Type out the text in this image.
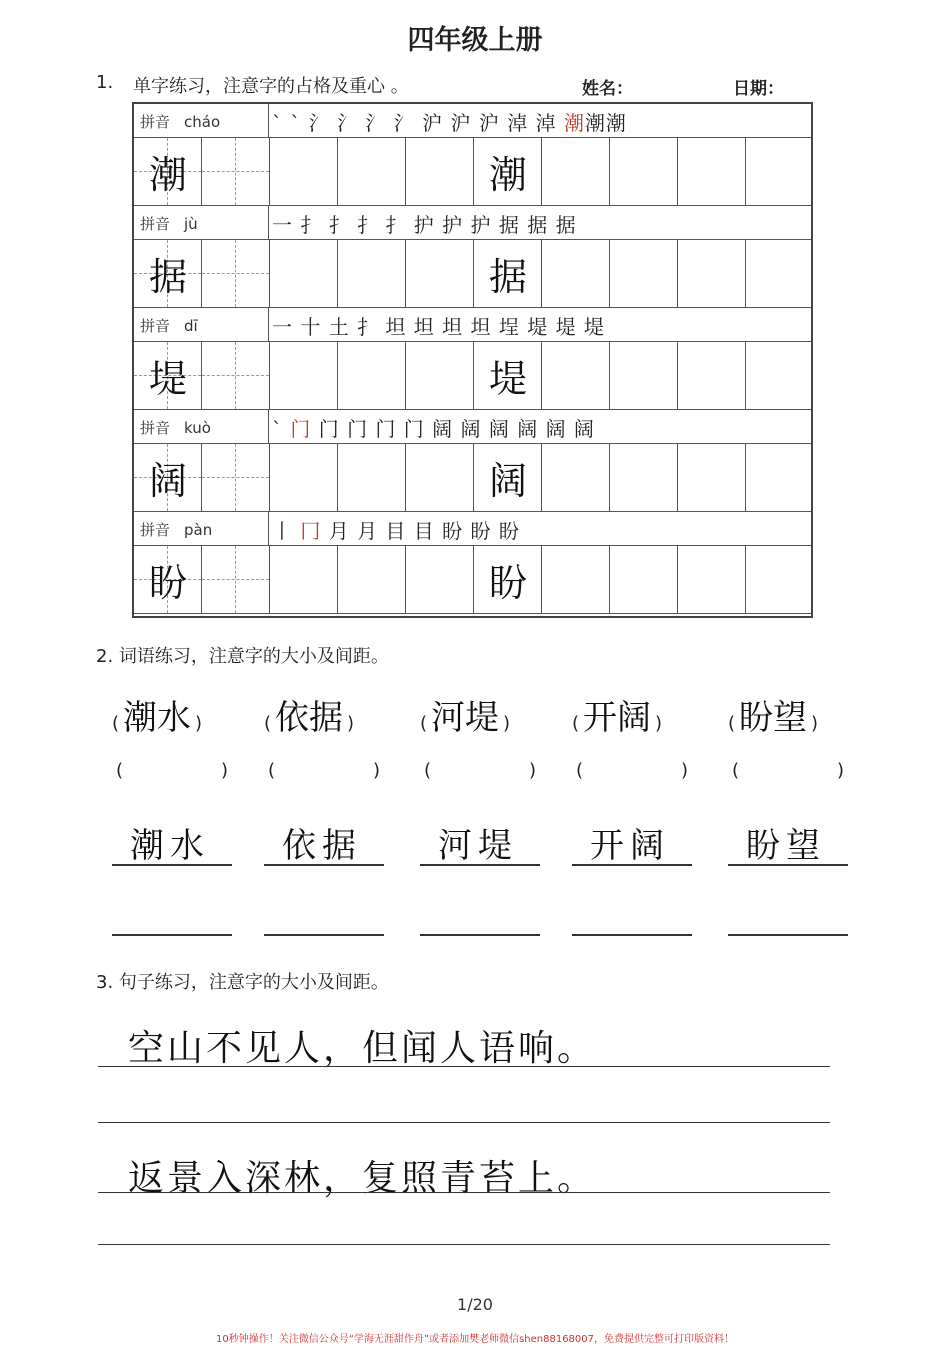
四年级上册
1. 单字练习，注意字的占格及重心 。	姓名：	日期：
拼音 cháo	` ` 氵 氵 氵 氵 沪 沪 沪 淖 淖 潮潮潮
潮	潮
拼音 jù	一 扌 扌 扌 扌 护 护 护 据 据 据
据	据
拼音 dī	一 十 土 扌 坦 坦 坦 坦 埕 堤 堤 堤
堤	堤
拼音 kuò	` 门 门 门 门 门 阔 阔 阔 阔 阔 阔
阔	阔
拼音 pàn	丨 冂 月 月 目 目 盼 盼 盼
盼	盼
2. 词语练习，注意字的大小及间距。
( 潮水 )
(	)
潮水
( 依据 )
(	)
依据
( 河堤 )
(	)
河堤
( 开阔 )
(	)
开阔
( 盼望 )
(	)
盼望
3. 句子练习，注意字的大小及间距。
空山不见人，但闻人语响。
返景入深林，复照青苔上。
1/20
10秒钟操作！关注微信公众号“学海无涯甜作舟”或者添加樊老师微信shen88168007，免费提供完整可打印版资料！
